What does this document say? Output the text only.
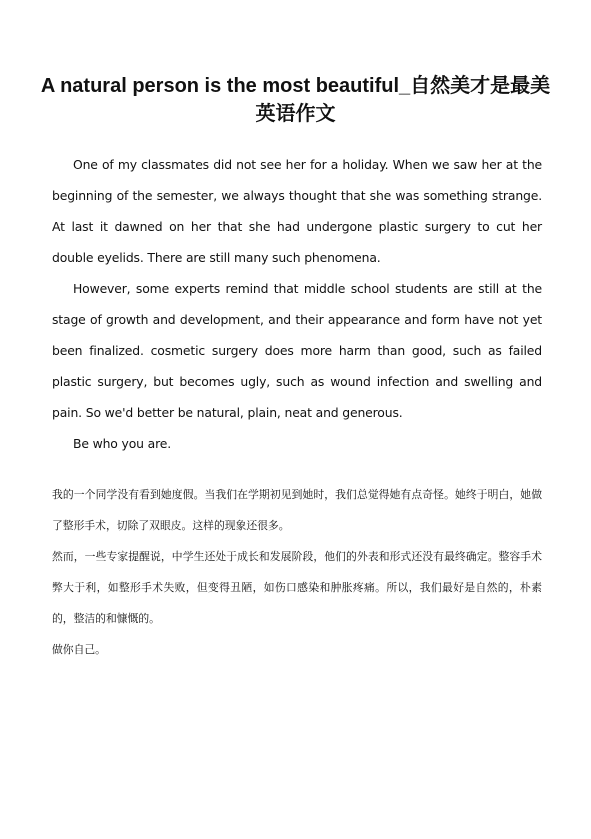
A natural person is the most beautiful_自然美才是最美英语作文

One of my classmates did not see her for a holiday. When we saw her at the beginning of the semester, we always thought that she was something strange. At last it dawned on her that she had undergone plastic surgery to cut her double eyelids. There are still many such phenomena.

However, some experts remind that middle school students are still at the stage of growth and development, and their appearance and form have not yet been finalized. cosmetic surgery does more harm than good, such as failed plastic surgery, but becomes ugly, such as wound infection and swelling and pain. So we'd better be natural, plain, neat and generous.

Be who you are.

我的一个同学没有看到她度假。当我们在学期初见到她时，我们总觉得她有点奇怪。她终于明白，她做了整形手术，切除了双眼皮。这样的现象还很多。

然而，一些专家提醒说，中学生还处于成长和发展阶段，他们的外表和形式还没有最终确定。整容手术弊大于利，如整形手术失败，但变得丑陋，如伤口感染和肿胀疼痛。所以，我们最好是自然的，朴素的，整洁的和慷慨的。

做你自己。
